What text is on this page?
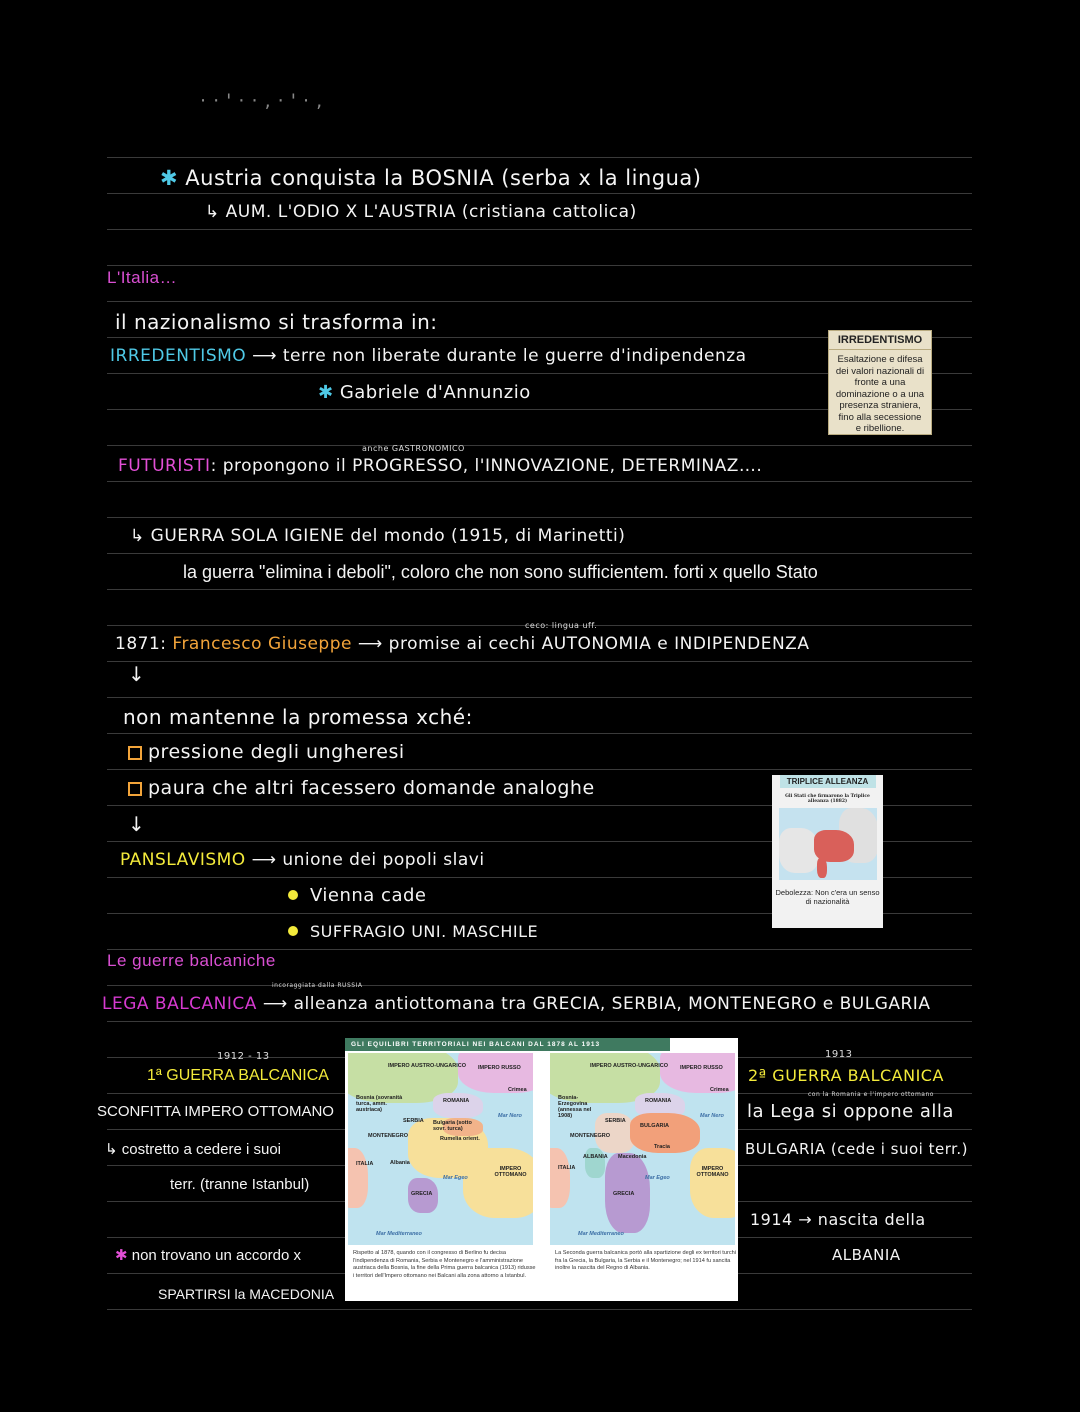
· · ' · · , · ' · ,
✱ Austria conquista la BOSNIA (serba x la lingua)
↳ AUM. L'ODIO X L'AUSTRIA (cristiana cattolica)
L'Italia…
il nazionalismo si trasforma in:
IRREDENTISMO ⟶ terre non liberate durante le guerre d'indipendenza
✱ Gabriele d'Annunzio
IRREDENTISMO
Esaltazione e difesa dei valori nazionali di fronte a una dominazione o a una presenza straniera, fino alla secessione e ribellione.
anche GASTRONOMICO
FUTURISTI: propongono il PROGRESSO, l'INNOVAZIONE, DETERMINAZ….
↳ GUERRA SOLA IGIENE del mondo (1915, di Marinetti)
la guerra "elimina i deboli", coloro che non sono sufficientem. forti x quello Stato
ceco: lingua uff.
1871: Francesco Giuseppe ⟶ promise ai cechi AUTONOMIA e INDIPENDENZA
↓
non mantenne la promessa xché:
pressione degli ungheresi
paura che altri facessero domande analoghe
↓
PANSLAVISMO ⟶ unione dei popoli slavi
Vienna cade
SUFFRAGIO UNI. MASCHILE
TRIPLICE ALLEANZA
Gli Stati che firmarono la Triplice alleanza (1882)
Debolezza: Non c'era un senso di nazionalità
Le guerre balcaniche
incoraggiata dalla RUSSIA
LEGA BALCANICA ⟶ alleanza antiottomana tra GRECIA, SERBIA, MONTENEGRO e BULGARIA
1912 - 13
1ª GUERRA BALCANICA
SCONFITTA IMPERO OTTOMANO
↳ costretto a cedere i suoi
terr. (tranne Istanbul)
✱ non trovano un accordo x
SPARTIRSI la MACEDONIA
GLI EQUILIBRI TERRITORIALI NEI BALCANI DAL 1878 AL 1913
IMPERO AUSTRO-UNGARICO IMPERO RUSSO
Crimea
Bosnia (sovranità turca, amm. austriaca)
ROMANIA
SERBIA Bulgaria (sotto sovr. turca)
MONTENEGRO	Rumelia orient.
ITALIA	Albania
IMPERO OTTOMANO
GRECIA
Mar Nero
Mar Egeo
Mar Mediterraneo
Rispetto al 1878, quando con il congresso di Berlino fu decisa l'indipendenza di Romania, Serbia e Montenegro e l'amministrazione austriaca della Bosnia, la fine della Prima guerra balcanica (1913) ridusse i territori dell'Impero ottomano nei Balcani alla zona attorno a Istanbul.
IMPERO AUSTRO-UNGARICO IMPERO RUSSO
Crimea
Bosnia-Erzegovina (annessa nel 1908)
ROMANIA
SERBIA
BULGARIA
MONTENEGRO
ALBANIA Macedonia
Tracia
ITALIA	IMPERO OTTOMANO
GRECIA
Mar Nero
Mar Egeo
Mar Mediterraneo
La Seconda guerra balcanica portò alla spartizione degli ex territori turchi fra la Grecia, la Bulgaria, la Serbia e il Montenegro; nel 1914 fu sancita inoltre la nascita del Regno di Albania.
1913
2ª GUERRA BALCANICA
con la Romania e l'impero ottomano
la Lega si oppone alla
BULGARIA (cede i suoi terr.)
1914 → nascita della
ALBANIA
